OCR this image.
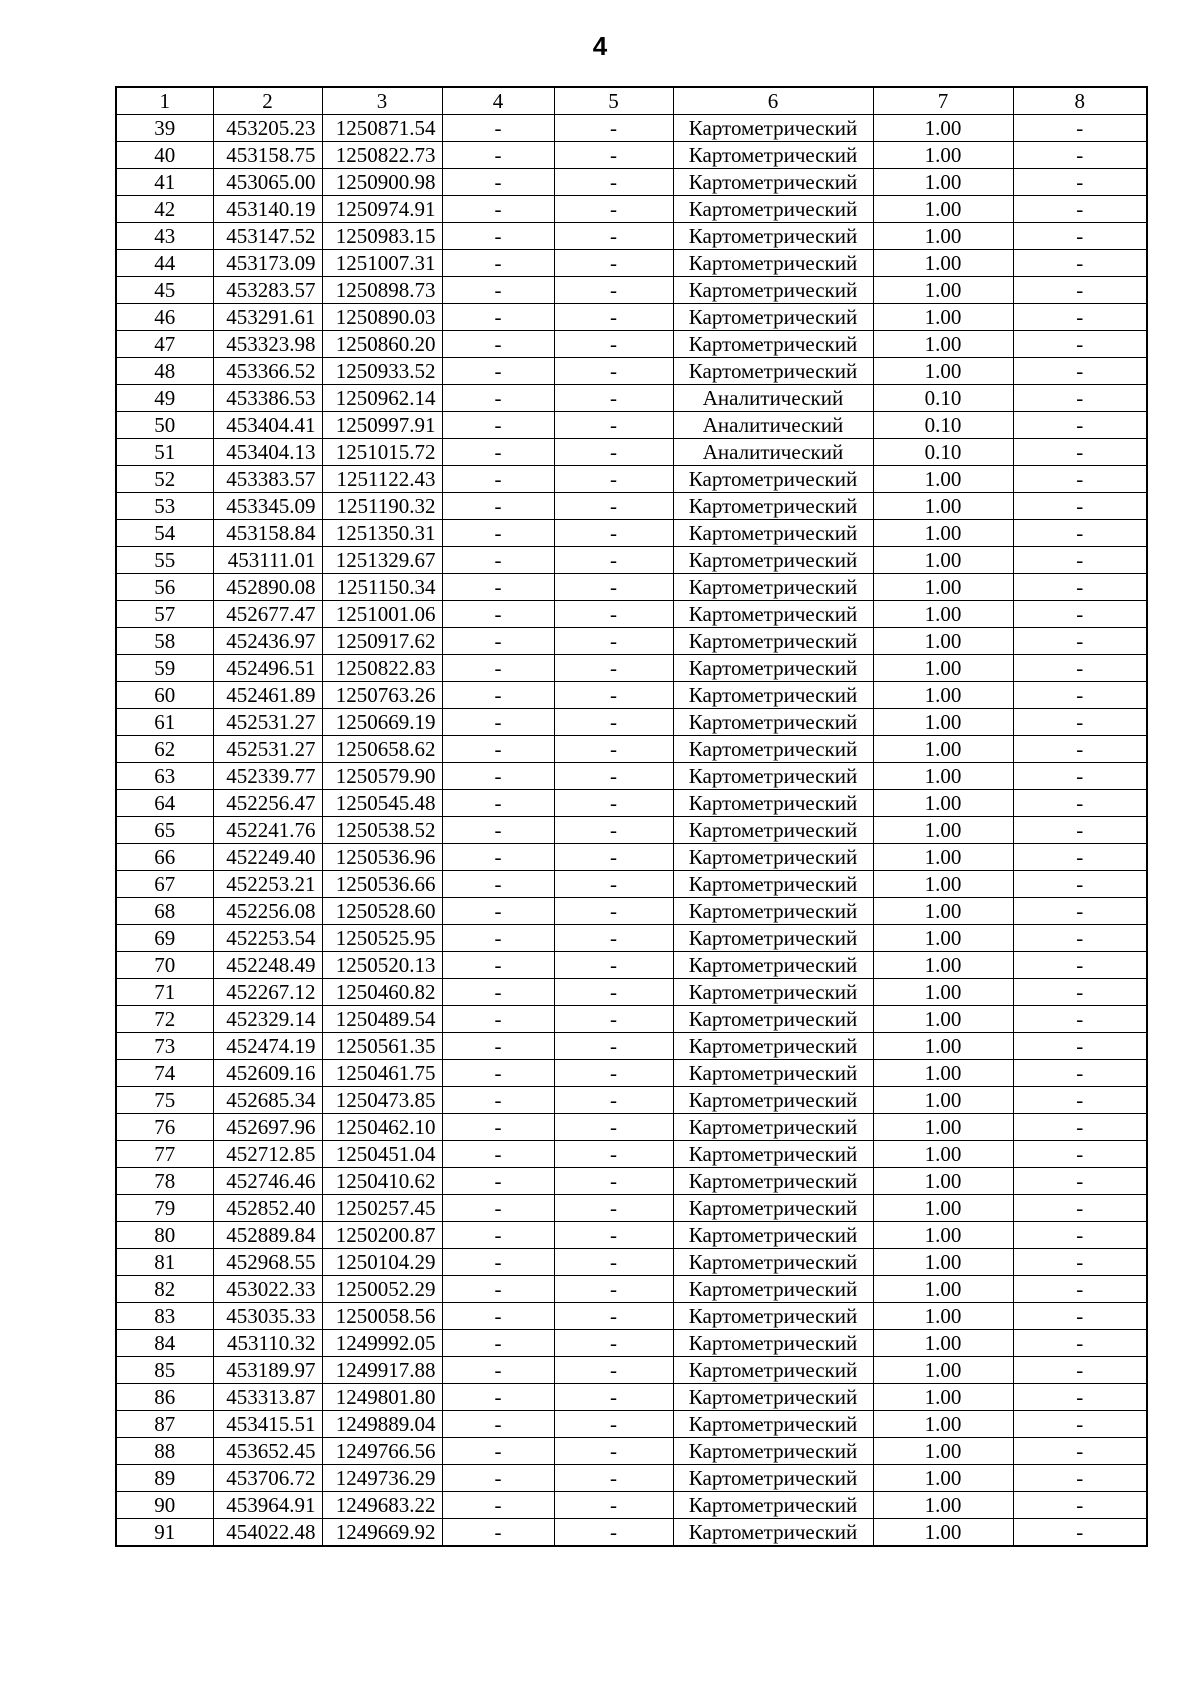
4
1	2	3	4	5	6	7	8
39	453205.23	1250871.54	-	-	Картометрический	1.00	-
40	453158.75	1250822.73	-	-	Картометрический	1.00	-
41	453065.00	1250900.98	-	-	Картометрический	1.00	-
42	453140.19	1250974.91	-	-	Картометрический	1.00	-
43	453147.52	1250983.15	-	-	Картометрический	1.00	-
44	453173.09	1251007.31	-	-	Картометрический	1.00	-
45	453283.57	1250898.73	-	-	Картометрический	1.00	-
46	453291.61	1250890.03	-	-	Картометрический	1.00	-
47	453323.98	1250860.20	-	-	Картометрический	1.00	-
48	453366.52	1250933.52	-	-	Картометрический	1.00	-
49	453386.53	1250962.14	-	-	Аналитический	0.10	-
50	453404.41	1250997.91	-	-	Аналитический	0.10	-
51	453404.13	1251015.72	-	-	Аналитический	0.10	-
52	453383.57	1251122.43	-	-	Картометрический	1.00	-
53	453345.09	1251190.32	-	-	Картометрический	1.00	-
54	453158.84	1251350.31	-	-	Картометрический	1.00	-
55	453111.01	1251329.67	-	-	Картометрический	1.00	-
56	452890.08	1251150.34	-	-	Картометрический	1.00	-
57	452677.47	1251001.06	-	-	Картометрический	1.00	-
58	452436.97	1250917.62	-	-	Картометрический	1.00	-
59	452496.51	1250822.83	-	-	Картометрический	1.00	-
60	452461.89	1250763.26	-	-	Картометрический	1.00	-
61	452531.27	1250669.19	-	-	Картометрический	1.00	-
62	452531.27	1250658.62	-	-	Картометрический	1.00	-
63	452339.77	1250579.90	-	-	Картометрический	1.00	-
64	452256.47	1250545.48	-	-	Картометрический	1.00	-
65	452241.76	1250538.52	-	-	Картометрический	1.00	-
66	452249.40	1250536.96	-	-	Картометрический	1.00	-
67	452253.21	1250536.66	-	-	Картометрический	1.00	-
68	452256.08	1250528.60	-	-	Картометрический	1.00	-
69	452253.54	1250525.95	-	-	Картометрический	1.00	-
70	452248.49	1250520.13	-	-	Картометрический	1.00	-
71	452267.12	1250460.82	-	-	Картометрический	1.00	-
72	452329.14	1250489.54	-	-	Картометрический	1.00	-
73	452474.19	1250561.35	-	-	Картометрический	1.00	-
74	452609.16	1250461.75	-	-	Картометрический	1.00	-
75	452685.34	1250473.85	-	-	Картометрический	1.00	-
76	452697.96	1250462.10	-	-	Картометрический	1.00	-
77	452712.85	1250451.04	-	-	Картометрический	1.00	-
78	452746.46	1250410.62	-	-	Картометрический	1.00	-
79	452852.40	1250257.45	-	-	Картометрический	1.00	-
80	452889.84	1250200.87	-	-	Картометрический	1.00	-
81	452968.55	1250104.29	-	-	Картометрический	1.00	-
82	453022.33	1250052.29	-	-	Картометрический	1.00	-
83	453035.33	1250058.56	-	-	Картометрический	1.00	-
84	453110.32	1249992.05	-	-	Картометрический	1.00	-
85	453189.97	1249917.88	-	-	Картометрический	1.00	-
86	453313.87	1249801.80	-	-	Картометрический	1.00	-
87	453415.51	1249889.04	-	-	Картометрический	1.00	-
88	453652.45	1249766.56	-	-	Картометрический	1.00	-
89	453706.72	1249736.29	-	-	Картометрический	1.00	-
90	453964.91	1249683.22	-	-	Картометрический	1.00	-
91	454022.48	1249669.92	-	-	Картометрический	1.00	-
